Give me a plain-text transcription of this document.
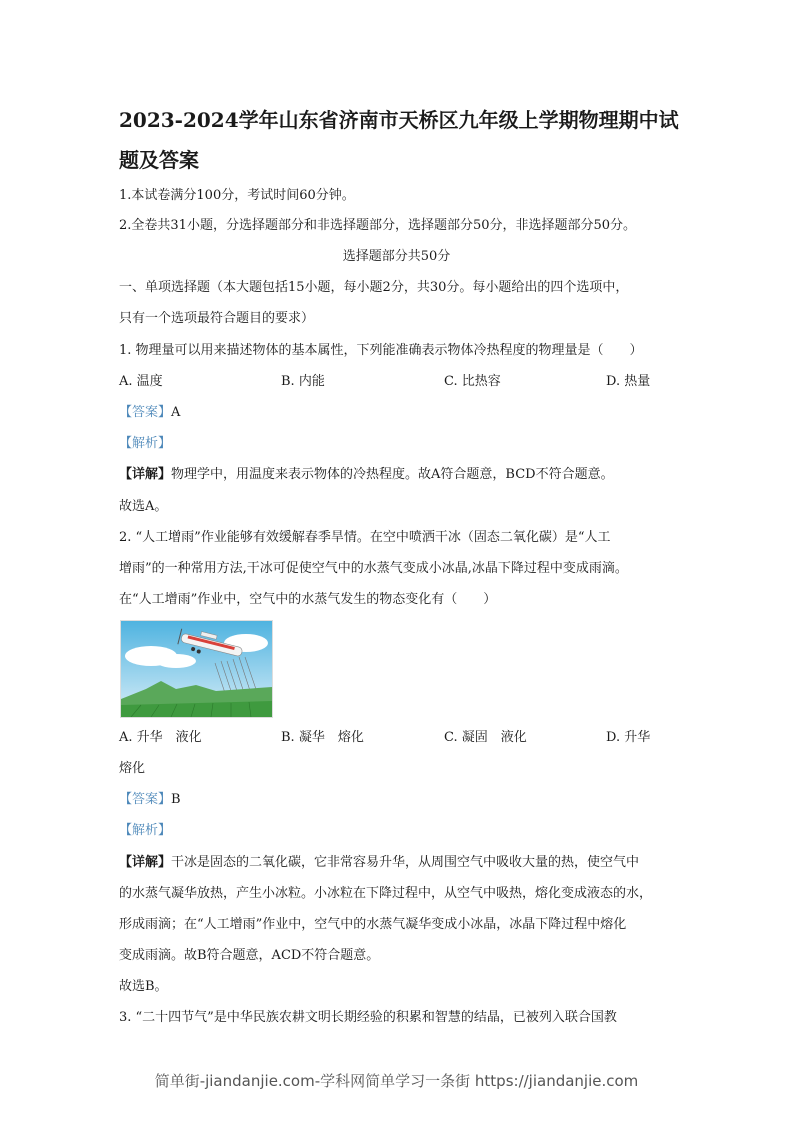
2023-2024学年山东省济南市天桥区九年级上学期物理期中试题及答案
1.本试卷满分100分，考试时间60分钟。
2.全卷共31小题，分选择题部分和非选择题部分，选择题部分50分，非选择题部分50分。
选择题部分共50分
一、单项选择题（本大题包括15小题，每小题2分，共30分。每小题给出的四个选项中，
只有一个选项最符合题目的要求）
1. 物理量可以用来描述物体的基本属性，下列能准确表示物体冷热程度的物理量是（　　）
A. 温度	B. 内能	C. 比热容	D. 热量
【答案】A
【解析】
【详解】物理学中，用温度来表示物体的冷热程度。故A符合题意，BCD不符合题意。
故选A。
2. “人工增雨”作业能够有效缓解春季旱情。在空中喷洒干冰（固态二氧化碳）是“人工
增雨”的一种常用方法,干冰可促使空气中的水蒸气变成小冰晶,冰晶下降过程中变成雨滴。
在“人工增雨”作业中，空气中的水蒸气发生的物态变化有（　　）
A. 升华　液化	B. 凝华　熔化	C. 凝固　液化	D. 升华
熔化
【答案】B
【解析】
【详解】干冰是固态的二氧化碳，它非常容易升华，从周围空气中吸收大量的热，使空气中
的水蒸气凝华放热，产生小冰粒。小冰粒在下降过程中，从空气中吸热，熔化变成液态的水，
形成雨滴；在“人工增雨”作业中，空气中的水蒸气凝华变成小冰晶，冰晶下降过程中熔化
变成雨滴。故B符合题意，ACD不符合题意。
故选B。
3. “二十四节气”是中华民族农耕文明长期经验的积累和智慧的结晶，已被列入联合国教
简单街-jiandanjie.com-学科网简单学习一条街 https://jiandanjie.com
